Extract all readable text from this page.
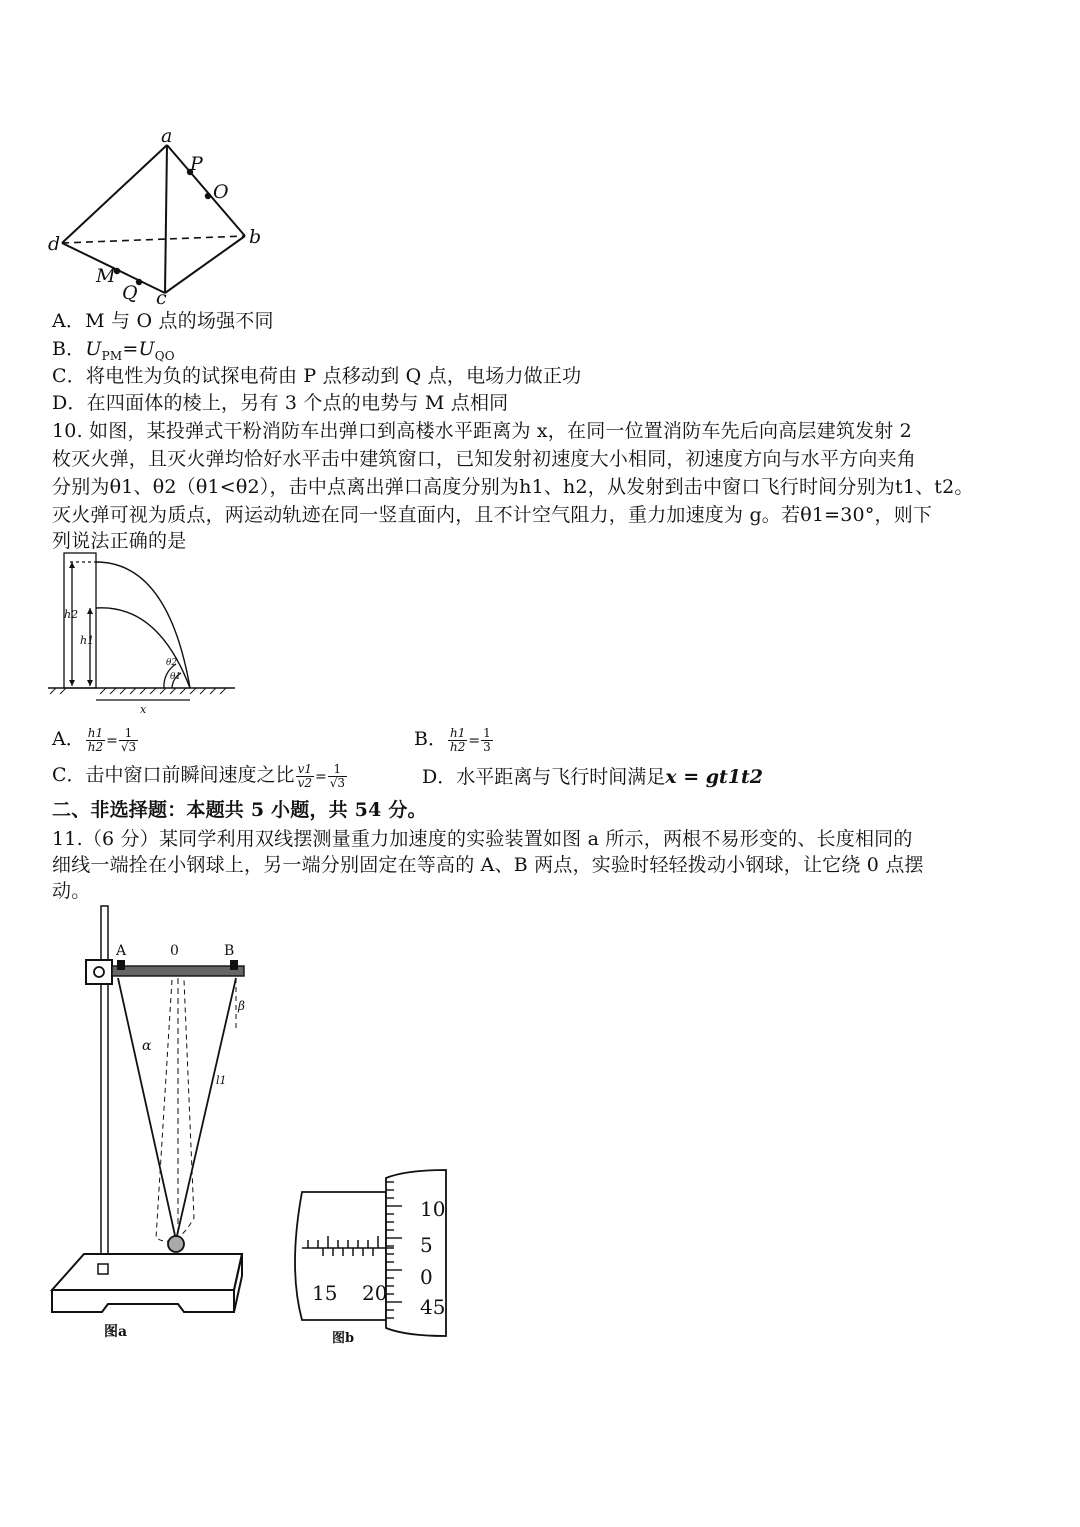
a
b
c
d
P
O
M
Q
A．M 与 O 点的场强不同
B．$U_{PM}=U_{QO}$
C．将电性为负的试探电荷由 P 点移动到 Q 点，电场力做正功
D．在四面体的棱上，另有 3 个点的电势与 M 点相同
10. 如图，某投弹式干粉消防车出弹口到高楼水平距离为 x，在同一位置消防车先后向高层建筑发射 2
枚灭火弹，且灭火弹均恰好水平击中建筑窗口，已知发射初速度大小相同，初速度方向与水平方向夹角
分别为θ1、θ2（θ1<θ2），击中点离出弹口高度分别为h1、h2，从发射到击中窗口飞行时间分别为t1、t2。
灭火弹可视为质点，两运动轨迹在同一竖直面内，且不计空气阻力，重力加速度为 g。若θ1=30°，则下
列说法正确的是
h2
h1
x
θ2
θ1
A． $\frac{h1}{h2} = \frac{1}{√3}$	B． $\frac{h1}{h2} = \frac{1}{3}$
C．击中窗口前瞬间速度之比 $\frac{v1}{v2} = \frac{1}{√3}$	D．水平距离与飞行时间满足x = gt1t2
二、非选择题：本题共 5 小题，共 54 分。
11.（6 分）某同学利用双线摆测量重力加速度的实验装置如图 a 所示，两根不易形变的、长度相同的
细线一端拴在小钢球上，另一端分别固定在等高的 A、B 两点，实验时轻轻拨动小钢球，让它绕 0 点摆
动。
A	0	B
α
β
l1
图a
15 20
10
5
0
45
图b
